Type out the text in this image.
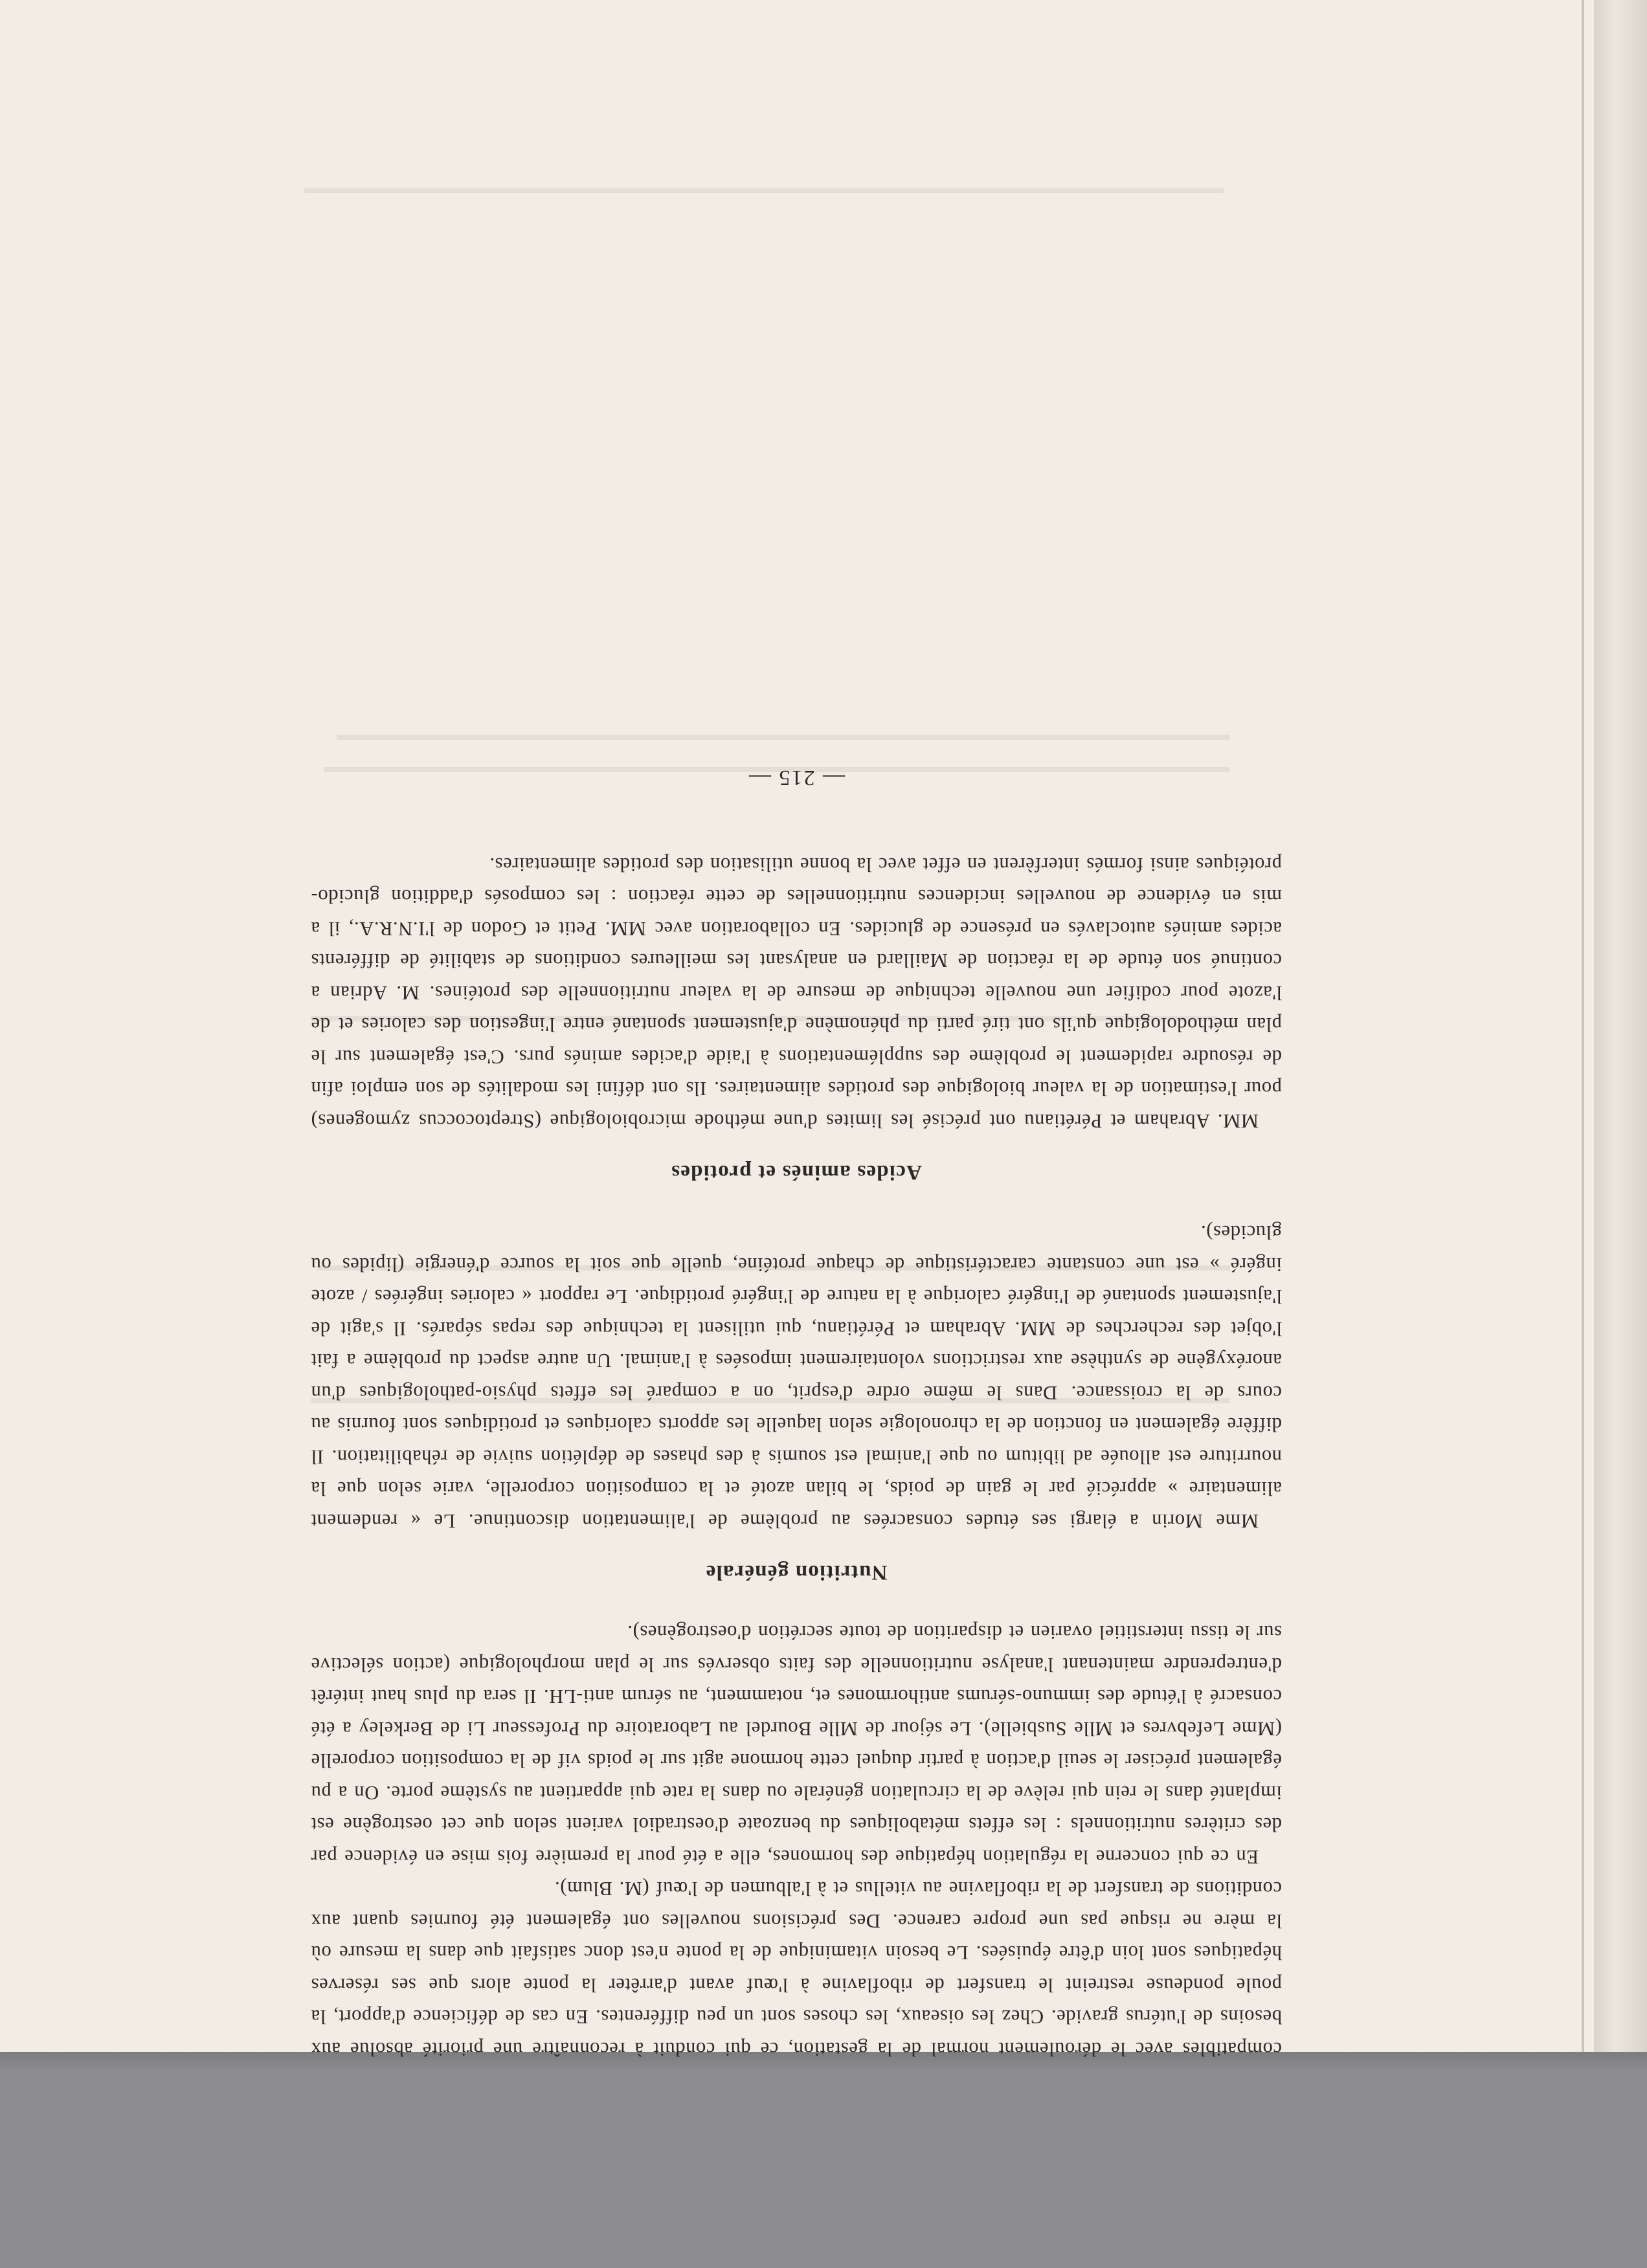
compatibles avec le déroulement normal de la gestation, ce qui conduit à reconnaître une priorité absolue aux besoins de l'utérus gravide. Chez les oiseaux, les choses sont un peu différentes. En cas de déficience d'apport, la poule pondeuse restreint le transfert de riboflavine à l'œuf avant d'arrêter la ponte alors que ses réserves hépatiques sont loin d'être épuisées. Le besoin vitaminique de la ponte n'est donc satisfait que dans la mesure où la mère ne risque pas une propre carence. Des précisions nouvelles ont également été fournies quant aux conditions de transfert de la riboflavine au vitellus et à l'albumen de l'œuf (M. Blum).

En ce qui concerne la régulation hépatique des hormones, elle a été pour la première fois mise en évidence par des critères nutritionnels : les effets métaboliques du benzoate d'oestradiol varient selon que cet oestrogène est implanté dans le rein qui relève de la circulation générale ou dans la rate qui appartient au système porte. On a pu également préciser le seuil d'action à partir duquel cette hormone agit sur le poids vif de la composition corporelle (Mme Lefebvres et Mlle Susbielle). Le séjour de Mlle Bourdel au Laboratoire du Professeur Li de Berkeley a été consacré à l'étude des immuno-sérums antihormones et, notamment, au sérum anti-LH. Il sera du plus haut intérêt d'entreprendre maintenant l'analyse nutritionnelle des faits observés sur le plan morphologique (action sélective sur le tissu interstitiel ovarien et disparition de toute secrétion d'oestrogènes).

Nutrition générale

Mme Morin a élargi ses études consacrées au problème de l'alimentation discontinue. Le « rendement alimentaire » apprécié par le gain de poids, le bilan azoté et la composition corporelle, varie selon que la nourriture est allouée ad libitum ou que l'animal est soumis à des phases de déplétion suivie de réhabilitation. Il diffère également en fonction de la chronologie selon laquelle les apports caloriques et protidiques sont fournis au cours de la croissance. Dans le même ordre d'esprit, on a comparé les effets physio-pathologiques d'un anoréxygène de synthèse aux restrictions volontairement imposées à l'animal. Un autre aspect du problème a fait l'objet des recherches de MM. Abraham et Pérétianu, qui utilisent la technique des repas séparés. Il s'agit de l'ajustement spontané de l'ingéré calorique à la nature de l'ingéré protidique. Le rapport « calories ingérées / azote ingéré » est une constante caractéristique de chaque protéine, quelle que soit la source d'énergie (lipides ou glucides).

Acides aminés et protides

MM. Abraham et Pérétianu ont précisé les limites d'une méthode microbiologique (Streptococcus zymogenes) pour l'estimation de la valeur biologique des protides alimentaires. Ils ont défini les modalités de son emploi afin de résoudre rapidement le problème des supplémentations à l'aide d'acides aminés purs. C'est également sur le plan méthodologique qu'ils ont tiré parti du phénomène d'ajustement spontané entre l'ingestion des calories et de l'azote pour codifier une nouvelle technique de mesure de la valeur nutritionnelle des protéines. M. Adrian a continué son étude de la réaction de Maillard en analysant les meilleures conditions de stabilité de différents acides aminés autoclavés en présence de glucides. En collaboration avec MM. Petit et Godon de l'I.N.R.A., il a mis en évidence de nouvelles incidences nutritionnelles de cette réaction : les composés d'addition glucido-protéiques ainsi formés interfèrent en effet avec la bonne utilisation des protides alimentaires.

— 215 —
